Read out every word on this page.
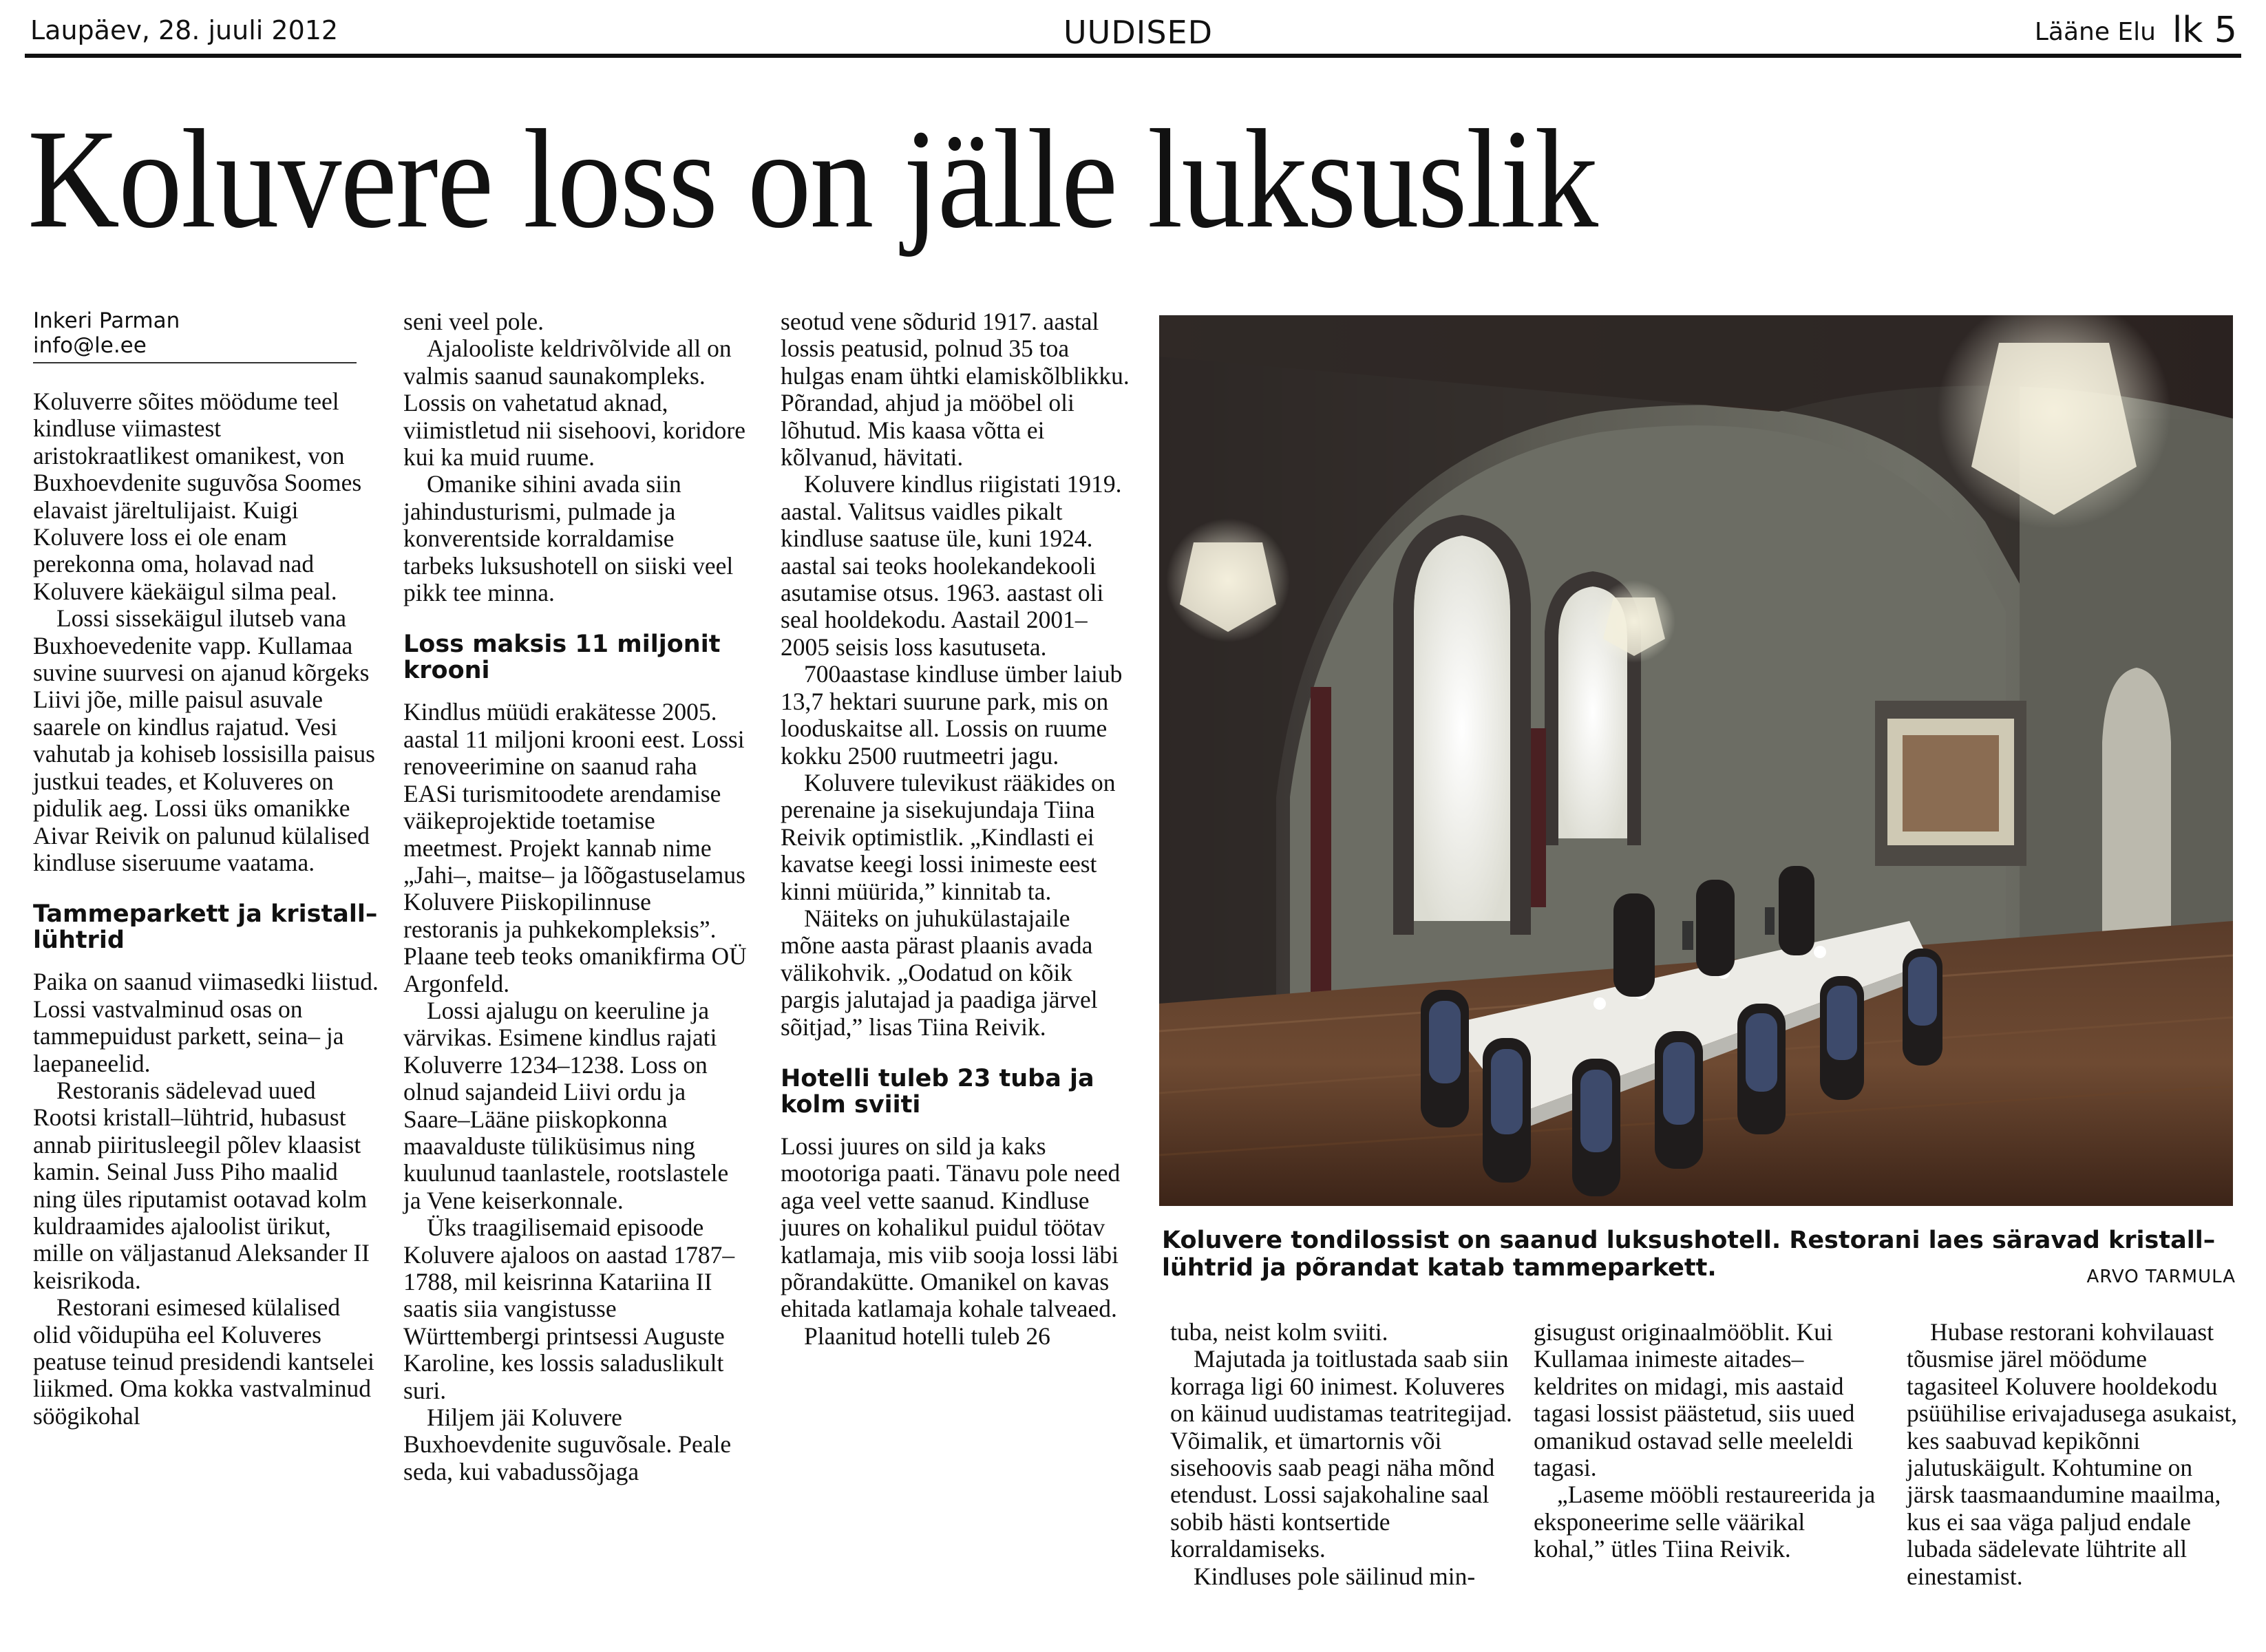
Laupäev, 28. juuli 2012	UUDISED	Lääne Elu lk 5
Koluvere loss on jälle luksuslik
Inkeri Parman
info@le.ee

Koluverre sõites möödume teel kindluse viimastest aristokraatlikest omanikest, von Buxhoevdenite suguvõsa Soomes elavaist järeltulijaist. Kuigi Koluvere loss ei ole enam perekonna oma, holavad nad Koluvere käekäigul silma peal.

Lossi sissekäigul ilutseb vana Buxhoevedenite vapp. Kullamaa suvine suurvesi on ajanud kõrgeks Liivi jõe, mille paisul asuvale saarele on kindlus rajatud. Vesi vahutab ja kohiseb lossisilla paisus justkui teades, et Koluveres on pidulik aeg. Lossi üks omanikke Aivar Reivik on palunud külalised kindluse siseruume vaatama.

Tammeparkett ja kristall–lühtrid

Paika on saanud viimasedki liistud. Lossi vastvalminud osas on tammepuidust parkett, seina– ja laepaneelid.

Restoranis sädelevad uued Rootsi kristall–lühtrid, hubasust annab piiritusleegil põlev klaasist kamin. Seinal Juss Piho maalid ning üles riputamist ootavad kolm kuldraamides ajaloolist ürikut, mille on väljastanud Aleksander II keisrikoda.

Restorani esimesed külalised olid võidupüha eel Koluveres peatuse teinud presidendi kantselei liikmed. Oma kokka vastvalminud söögikohal

seni veel pole.

Ajalooliste keldrivõlvide all on valmis saanud saunakompleks. Lossis on vahetatud aknad, viimistletud nii sisehoovi, koridore kui ka muid ruume.

Omanike sihini avada siin jahindusturismi, pulmade ja konverentside korraldamise tarbeks luksushotell on siiski veel pikk tee minna.

Loss maksis 11 miljonit krooni

Kindlus müüdi erakätesse 2005. aastal 11 miljoni krooni eest. Lossi renoveerimine on saanud raha EASi turismitoodete arendamise väikeprojektide toetamise meetmest. Projekt kannab nime „Jahi–, maitse– ja lõõgastuselamus Koluvere Piiskopilinnuse restoranis ja puhkekompleksis”. Plaane teeb teoks omanikfirma OÜ Argonfeld.

Lossi ajalugu on keeruline ja värvikas. Esimene kindlus rajati Koluverre 1234–1238. Loss on olnud sajandeid Liivi ordu ja Saare–Lääne piiskopkonna maavalduste tüliküsimus ning kuulunud taanlastele, rootslastele ja Vene keiserkonnale.

Üks traagilisemaid episoode Koluvere ajaloos on aastad 1787–1788, mil keisrinna Katariina II saatis siia vangistusse Württembergi printsessi Auguste Karoline, kes lossis saladuslikult suri.

Hiljem jäi Koluvere Buxhoevdenite suguvõsale. Peale seda, kui vabadussõjaga

seotud vene sõdurid 1917. aastal lossis peatusid, polnud 35 toa hulgas enam ühtki elamiskõlblikku. Põrandad, ahjud ja mööbel oli lõhutud. Mis kaasa võtta ei kõlvanud, hävitati.

Koluvere kindlus riigistati 1919. aastal. Valitsus vaidles pikalt kindluse saatuse üle, kuni 1924. aastal sai teoks hoolekandekooli asutamise otsus. 1963. aastast oli seal hooldekodu. Aastail 2001–2005 seisis loss kasutuseta.

700aastase kindluse ümber laiub 13,7 hektari suurune park, mis on looduskaitse all. Lossis on ruume kokku 2500 ruutmeetri jagu.

Koluvere tulevikust rääkides on perenaine ja sisekujundaja Tiina Reivik optimistlik. „Kindlasti ei kavatse keegi lossi inimeste eest kinni müürida,” kinnitab ta.

Näiteks on juhukülastajaile mõne aasta pärast plaanis avada välikohvik. „Oodatud on kõik pargis jalutajad ja paadiga järvel sõitjad,” lisas Tiina Reivik.

Hotelli tuleb 23 tuba ja kolm sviiti

Lossi juures on sild ja kaks mootoriga paati. Tänavu pole need aga veel vette saanud. Kindluse juures on kohalikul puidul töötav katlamaja, mis viib sooja lossi läbi põrandakütte. Omanikel on kavas ehitada katlamaja kohale talveaed.

Plaanitud hotelli tuleb 26

Koluvere tondilossist on saanud luksushotell. Restorani laes säravad kristall–lühtrid ja põrandat katab tammeparkett.	ARVO TARMULA

tuba, neist kolm sviiti.

Majutada ja toitlustada saab siin korraga ligi 60 inimest. Koluveres on käinud uudistamas teatritegijad. Võimalik, et ümartornis või sisehoovis saab peagi näha mõnd etendust. Lossi sajakohaline saal sobib hästi kontsertide korraldamiseks.

Kindluses pole säilinud min-

gisugust originaalmööblit. Kui Kullamaa inimeste aitades– keldrites on midagi, mis aastaid tagasi lossist päästetud, siis uued omanikud ostavad selle meeleldi tagasi.

„Laseme mööbli restaureerida ja eksponeerime selle väärikal kohal,” ütles Tiina Reivik.

Hubase restorani kohvilauast tõusmise järel möödume tagasiteel Koluvere hooldekodu psüühilise erivajadusega asukaist, kes saabuvad kepikõnni jalutuskäigult. Kohtumine on järsk taasmaandumine maailma, kus ei saa väga paljud endale lubada sädelevate lühtrite all einestamist.
